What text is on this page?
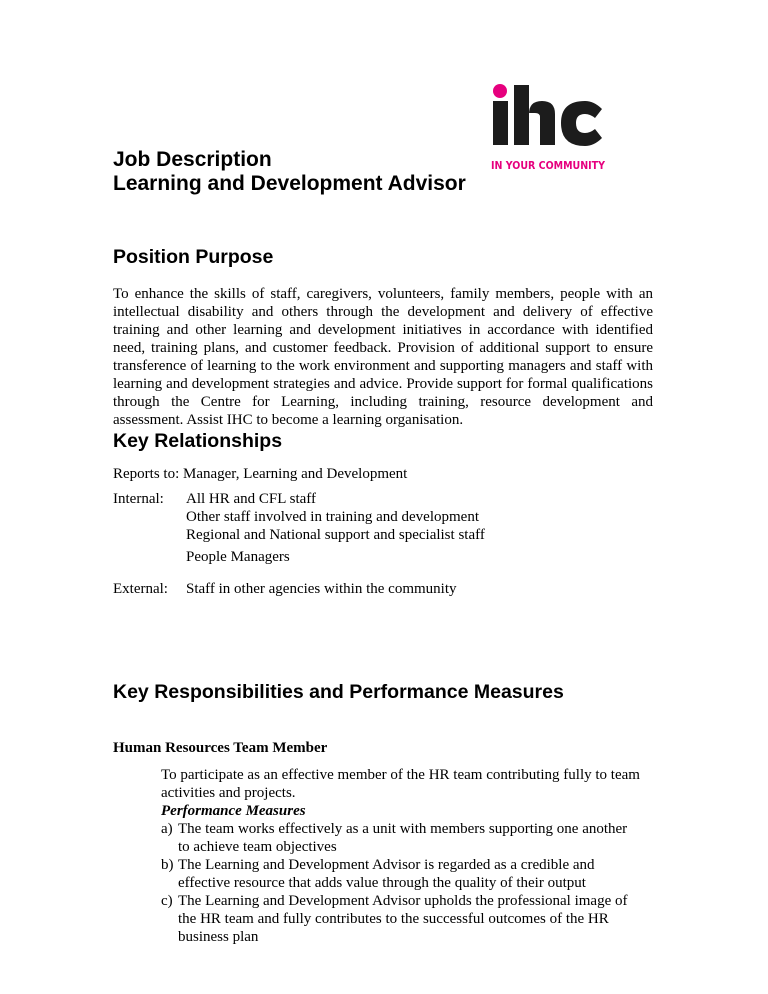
IN YOUR COMMUNITY
Job Description
Learning and Development Advisor
Position Purpose
To enhance the skills of staff, caregivers, volunteers, family members, people with an intellectual disability and others through the development and delivery of effective training and other learning and development initiatives in accordance with identified need, training plans, and customer feedback. Provision of additional support to ensure transference of learning to the work environment and supporting managers and staff with learning and development strategies and advice. Provide support for formal qualifications through the Centre for Learning, including training, resource development and assessment. Assist IHC to become a learning organisation.
Key Relationships
Reports to: Manager, Learning and Development
Internal: All HR and CFL staff
Other staff involved in training and development
Regional and National support and specialist staff
People Managers
External: Staff in other agencies within the community
Key Responsibilities and Performance Measures
Human Resources Team Member
To participate as an effective member of the HR team contributing fully to team activities and projects.
Performance Measures
a) The team works effectively as a unit with members supporting one another to achieve team objectives
b) The Learning and Development Advisor is regarded as a credible and effective resource that adds value through the quality of their output
c) The Learning and Development Advisor upholds the professional image of the HR team and fully contributes to the successful outcomes of the HR business plan
